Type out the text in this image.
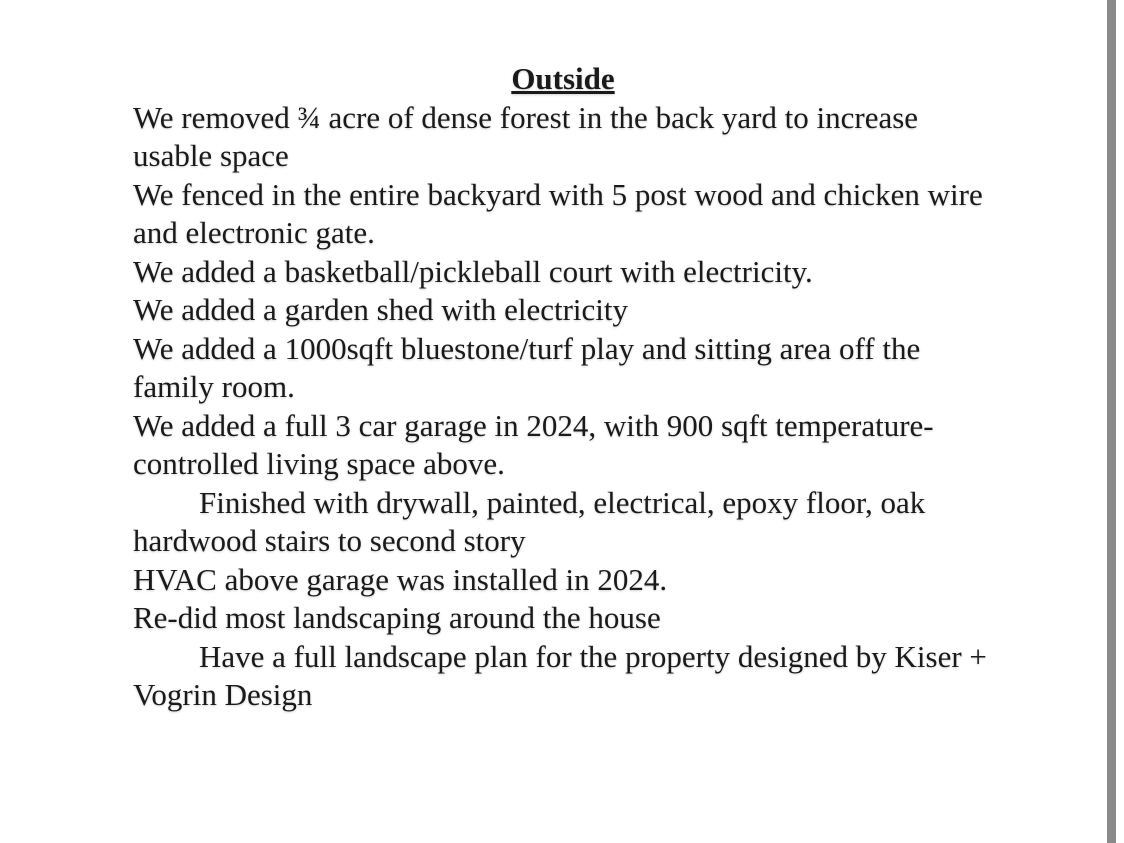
Outside

We removed ¾ acre of dense forest in the back yard to increase usable space

We fenced in the entire backyard with 5 post wood and chicken wire and electronic gate.

We added a basketball/pickleball court with electricity.

We added a garden shed with electricity

We added a 1000sqft bluestone/turf play and sitting area off the family room.

We added a full 3 car garage in 2024, with 900 sqft temperature-controlled living space above.

Finished with drywall, painted, electrical, epoxy floor, oak hardwood stairs to second story

HVAC above garage was installed in 2024.

Re-did most landscaping around the house

Have a full landscape plan for the property designed by Kiser + Vogrin Design
